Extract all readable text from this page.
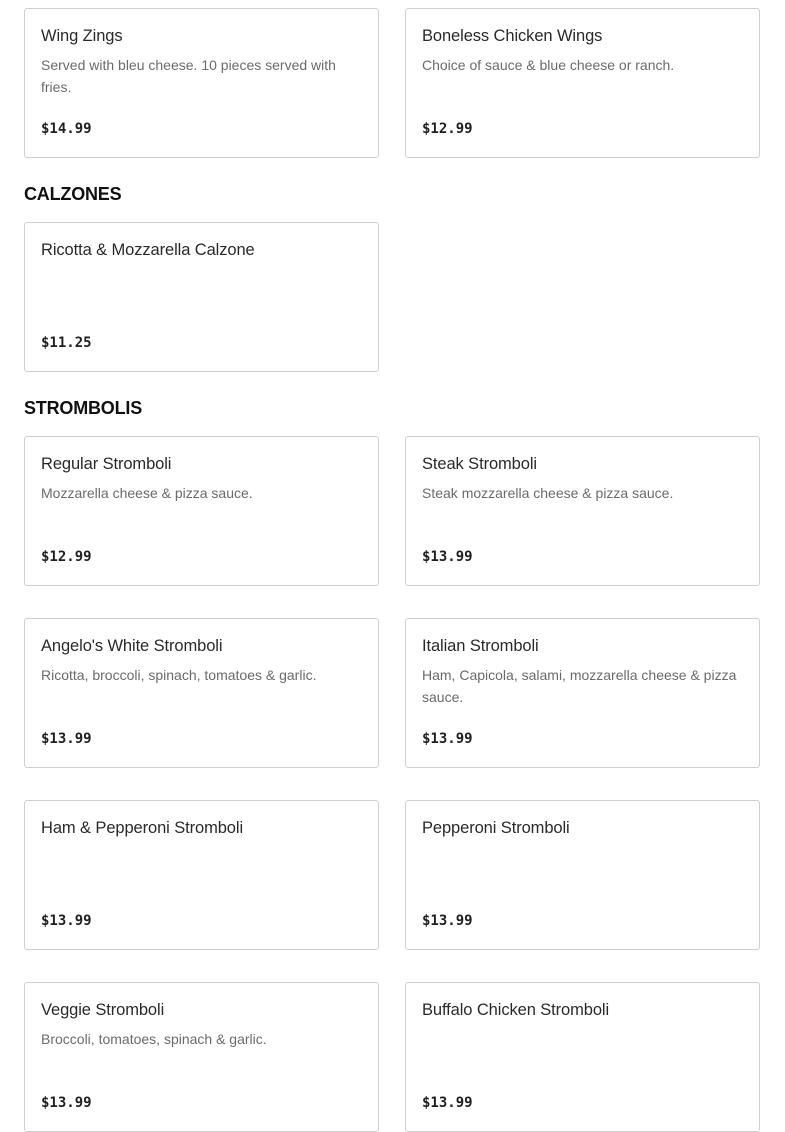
Wing Zings
Served with bleu cheese. 10 pieces served with fries.
$14.99
Boneless Chicken Wings
Choice of sauce & blue cheese or ranch.
$12.99
CALZONES
Ricotta & Mozzarella Calzone
$11.25
STROMBOLIS
Regular Stromboli
Mozzarella cheese & pizza sauce.
$12.99
Steak Stromboli
Steak mozzarella cheese & pizza sauce.
$13.99
Angelo's White Stromboli
Ricotta, broccoli, spinach, tomatoes & garlic.
$13.99
Italian Stromboli
Ham, Capicola, salami, mozzarella cheese & pizza sauce.
$13.99
Ham & Pepperoni Stromboli
$13.99
Pepperoni Stromboli
$13.99
Veggie Stromboli
Broccoli, tomatoes, spinach & garlic.
$13.99
Buffalo Chicken Stromboli
$13.99
